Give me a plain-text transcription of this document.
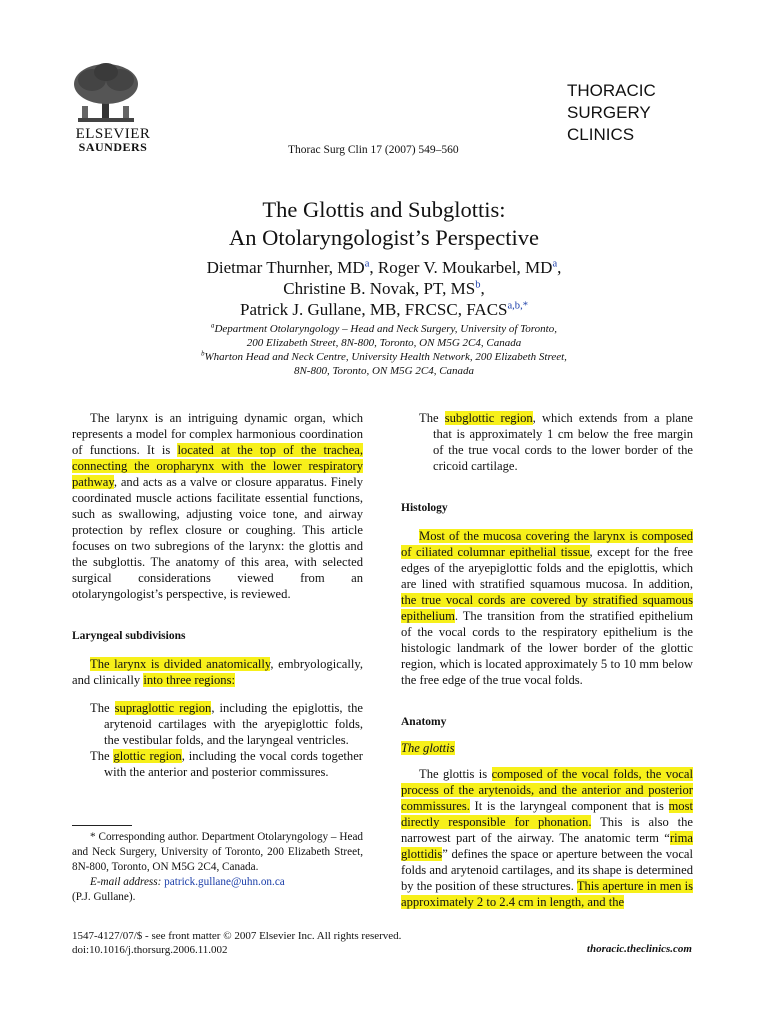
ELSEVIER
SAUNDERS	Thorac Surg Clin 17 (2007) 549–560
THORACIC
SURGERY
CLINICS
The Glottis and Subglottis:
An Otolaryngologist’s Perspective
Dietmar Thurnher, $MD^a$, Roger V. Moukarbel, $MD^a$,
Christine B. Novak, PT, $MS^b$,
Patrick J. Gullane, MB, FRCSC, $FACS^{a,b,*}$
$^a$Department Otolaryngology – Head and Neck Surgery, University of Toronto,
200 Elizabeth Street, 8N-800, Toronto, ON M5G 2C4, Canada
$^b$Wharton Head and Neck Centre, University Health Network, 200 Elizabeth Street,
8N-800, Toronto, ON M5G 2C4, Canada

The larynx is an intriguing dynamic organ, which represents a model for complex harmonious coordination of functions. It is located at the top of the trachea, connecting the oropharynx with the lower respiratory pathway, and acts as a valve or closure apparatus. Finely coordinated muscle actions facilitate essential functions, such as swallowing, adjusting voice tone, and airway protection by reflex closure or coughing. This article focuses on two subregions of the larynx: the glottis and the subglottis. The anatomy of this area, with selected surgical considerations viewed from an otolaryngologist’s perspective, is reviewed.

Laryngeal subdivisions

The larynx is divided anatomically, embryologically, and clinically into three regions:

The supraglottic region, including the epiglottis, the arytenoid cartilages with the aryepiglottic folds, the vestibular folds, and the laryngeal ventricles.

The glottic region, including the vocal cords together with the anterior and posterior commissures.

* Corresponding author. Department Otolaryngology – Head and Neck Surgery, University of Toronto, 200 Elizabeth Street, 8N-800, Toronto, ON M5G 2C4, Canada.

E-mail address: patrick.gullane@uhn.on.ca

(P.J. Gullane).

The subglottic region, which extends from a plane that is approximately 1 cm below the free margin of the true vocal cords to the lower border of the cricoid cartilage.

Histology

Most of the mucosa covering the larynx is composed of ciliated columnar epithelial tissue, except for the free edges of the aryepiglottic folds and the epiglottis, which are lined with stratified squamous mucosa. In addition, the true vocal cords are covered by stratified squamous epithelium. The transition from the stratified epithelium of the vocal cords to the respiratory epithelium is the histologic landmark of the lower border of the glottic region, which is located approximately 5 to 10 mm below the free edge of the true vocal folds.

Anatomy

The glottis

The glottis is composed of the vocal folds, the vocal process of the arytenoids, and the anterior and posterior commissures. It is the laryngeal component that is most directly responsible for phonation. This is also the narrowest part of the airway. The anatomic term “rima glottidis” defines the space or aperture between the vocal folds and arytenoid cartilages, and its shape is determined by the position of these structures. This aperture in men is approximately 2 to 2.4 cm in length, and the

1547-4127/07/$ - see front matter © 2007 Elsevier Inc. All rights reserved.
doi:10.1016/j.thorsurg.2006.11.002	thoracic.theclinics.com
